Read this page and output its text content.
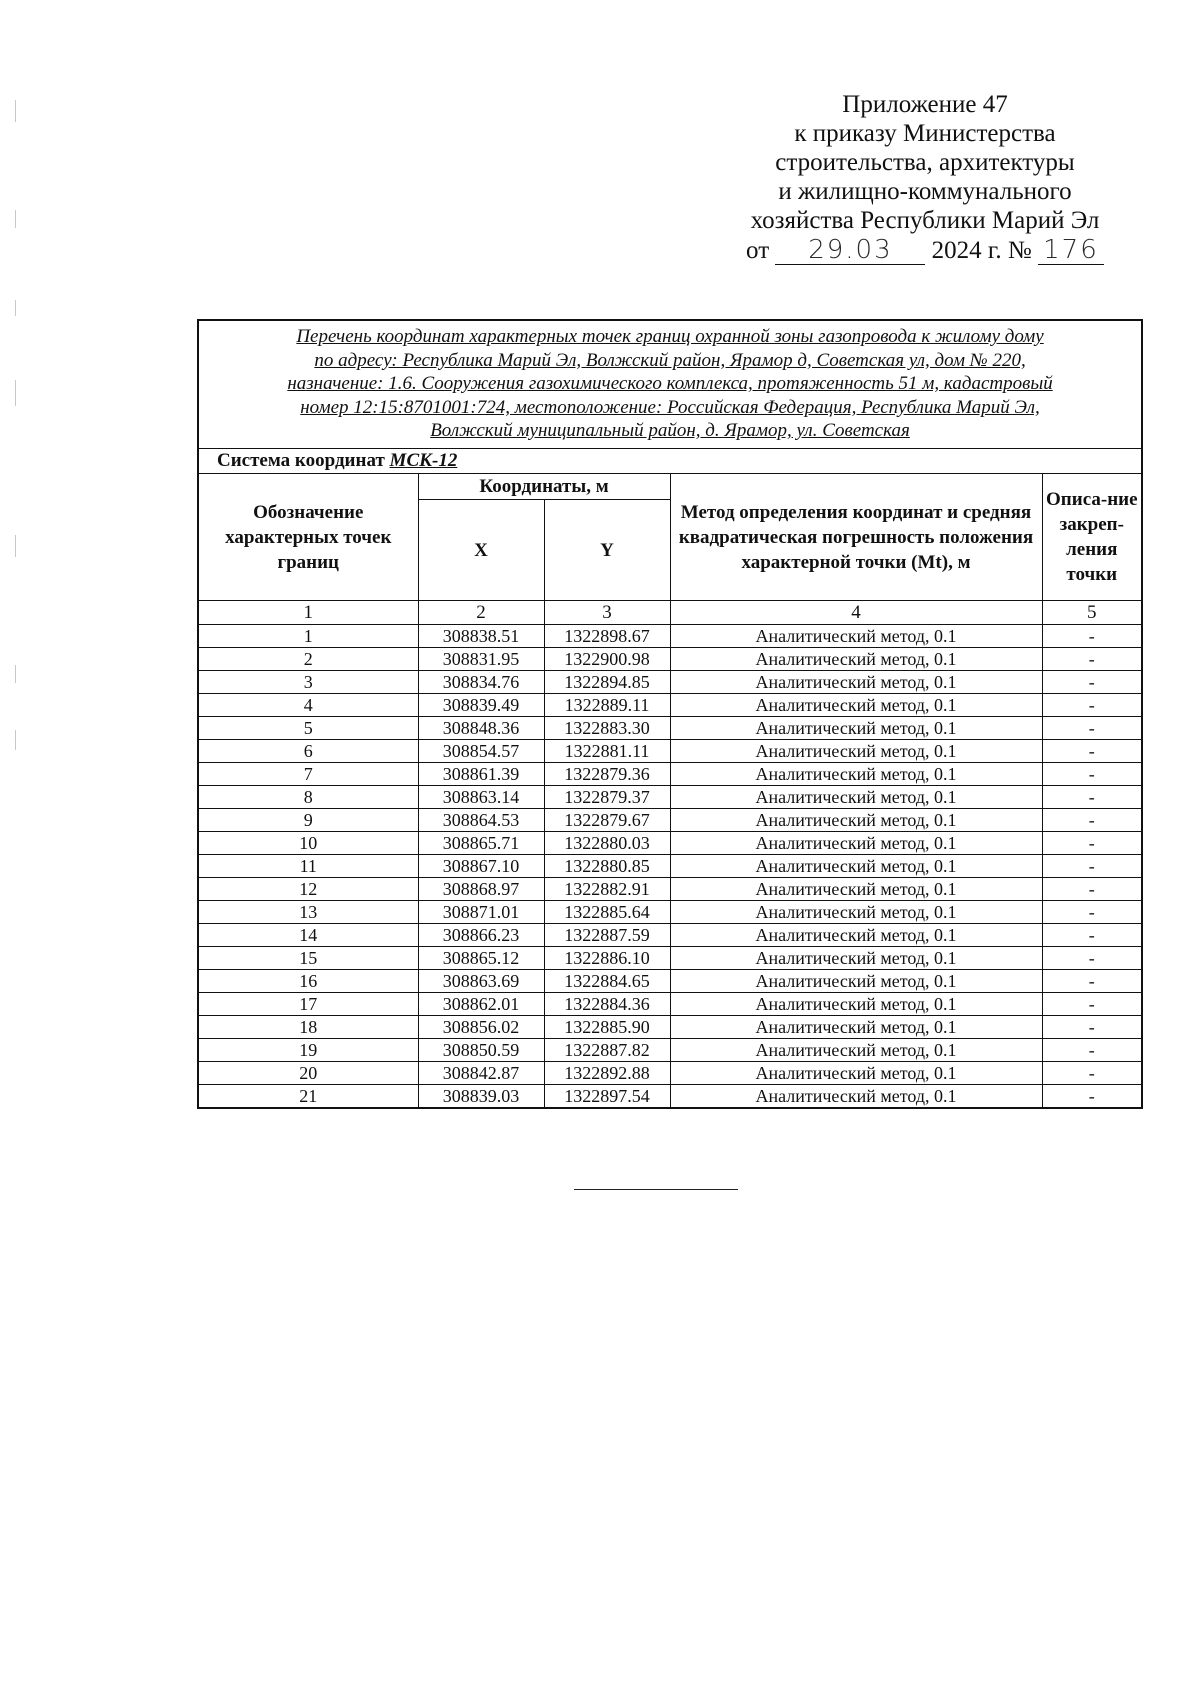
Приложение 47
к приказу Министерства
строительства, архитектуры
и жилищно-коммунального
хозяйства Республики Марий Эл
от 29.03 2024 г. № 176
Перечень координат характерных точек границ охранной зоны газопровода к жилому дому
по адресу: Республика Марий Эл, Волжский район, Ярамор д, Советская ул, дом № 220,
назначение: 1.6. Сооружения газохимического комплекса, протяженность 51 м, кадастровый
номер 12:15:8701001:724, местоположение: Российская Федерация, Республика Марий Эл,
Волжский муниципальный район, д. Ярамор, ул. Советская				

Система координат МСК-12				
Обозначение характерных точек границ	Координаты, м		Метод определения координат и средняя квадратическая погрешность положения характерной точки (Mt), м	Описа-ние закреп-ления точки
	X	Y		
1	2	3	4	5
1	308838.51	1322898.67	Аналитический метод, 0.1	-
2	308831.95	1322900.98	Аналитический метод, 0.1	-
3	308834.76	1322894.85	Аналитический метод, 0.1	-
4	308839.49	1322889.11	Аналитический метод, 0.1	-
5	308848.36	1322883.30	Аналитический метод, 0.1	-
6	308854.57	1322881.11	Аналитический метод, 0.1	-
7	308861.39	1322879.36	Аналитический метод, 0.1	-
8	308863.14	1322879.37	Аналитический метод, 0.1	-
9	308864.53	1322879.67	Аналитический метод, 0.1	-
10	308865.71	1322880.03	Аналитический метод, 0.1	-
11	308867.10	1322880.85	Аналитический метод, 0.1	-
12	308868.97	1322882.91	Аналитический метод, 0.1	-
13	308871.01	1322885.64	Аналитический метод, 0.1	-
14	308866.23	1322887.59	Аналитический метод, 0.1	-
15	308865.12	1322886.10	Аналитический метод, 0.1	-
16	308863.69	1322884.65	Аналитический метод, 0.1	-
17	308862.01	1322884.36	Аналитический метод, 0.1	-
18	308856.02	1322885.90	Аналитический метод, 0.1	-
19	308850.59	1322887.82	Аналитический метод, 0.1	-
20	308842.87	1322892.88	Аналитический метод, 0.1	-
21	308839.03	1322897.54	Аналитический метод, 0.1	-
